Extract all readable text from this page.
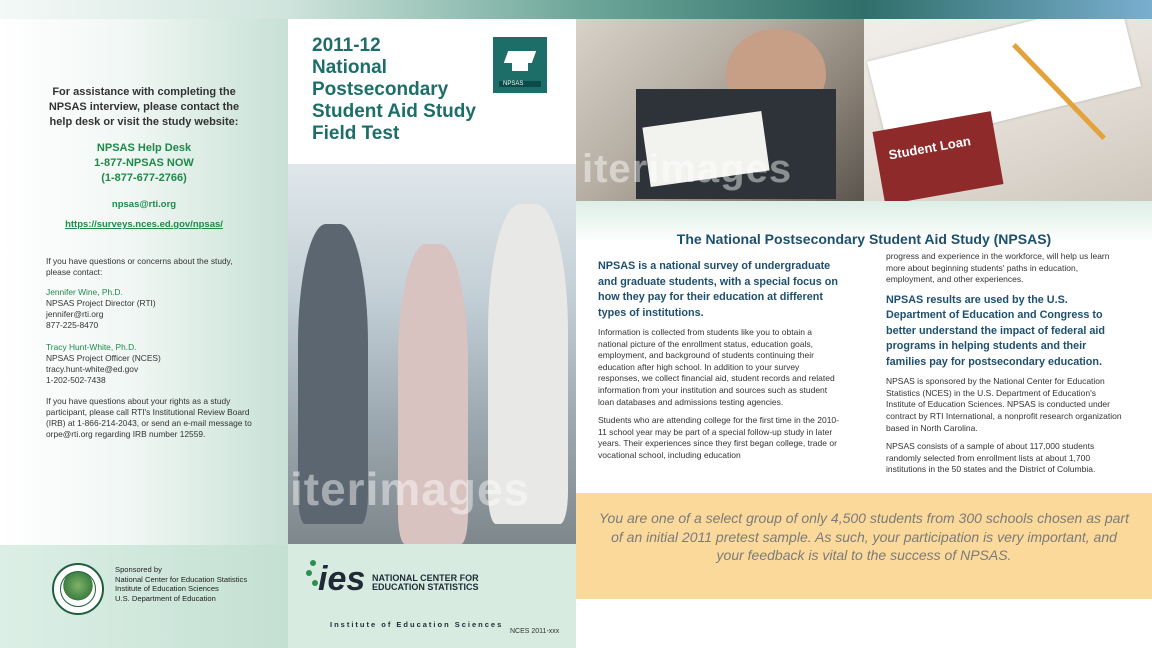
For assistance with completing the NPSAS interview, please contact the help desk or visit the study website:
NPSAS Help Desk
1-877-NPSAS NOW
(1-877-677-2766)
npsas@rti.org
https://surveys.nces.ed.gov/npsas/
If you have questions or concerns about the study, please contact:
Jennifer Wine, Ph.D.
NPSAS Project Director (RTI)
jennifer@rti.org
877-225-8470
Tracy Hunt-White, Ph.D.
NPSAS Project Officer (NCES)
tracy.hunt-white@ed.gov
1-202-502-7438
If you have questions about your rights as a study participant, please call RTI's Institutional Review Board (IRB) at 1-866-214-2043, or send an e-mail message to orpe@rti.org regarding IRB number 12559.
Sponsored by
National Center for Education Statistics
Institute of Education Sciences
U.S. Department of Education
2011-12
National
Postsecondary
Student Aid Study
Field Test
NPSAS
iterimages
ies NATIONAL CENTER FOR
EDUCATION STATISTICS
Institute of Education Sciences
NCES 2011-xxx
iterimages	Student Loan
The National Postsecondary Student Aid Study (NPSAS)
NPSAS is a national survey of undergraduate and graduate students, with a special focus on how they pay for their education at different types of institutions.
Information is collected from students like you to obtain a national picture of the enrollment status, education goals, employment, and background of students continuing their education after high school. In addition to your survey responses, we collect financial aid, student records and related information from your institution and sources such as student loan databases and admissions testing agencies.
Students who are attending college for the first time in the 2010-11 school year may be part of a special follow-up study in later years. Their experiences since they first began college, trade or vocational school, including education
progress and experience in the workforce, will help us learn more about beginning students' paths in education, employment, and other experiences.
NPSAS results are used by the U.S. Department of Education and Congress to better understand the impact of federal aid programs in helping students and their families pay for postsecondary education.
NPSAS is sponsored by the National Center for Education Statistics (NCES) in the U.S. Department of Education's Institute of Education Sciences. NPSAS is conducted under contract by RTI International, a nonprofit research organization based in North Carolina.
NPSAS consists of a sample of about 117,000 students randomly selected from enrollment lists at about 1,700 institutions in the 50 states and the District of Columbia.

You are one of a select group of only 4,500 students from 300 schools chosen as part of an initial 2011 pretest sample. As such, your participation is very important, and your feedback is vital to the success of NPSAS.
